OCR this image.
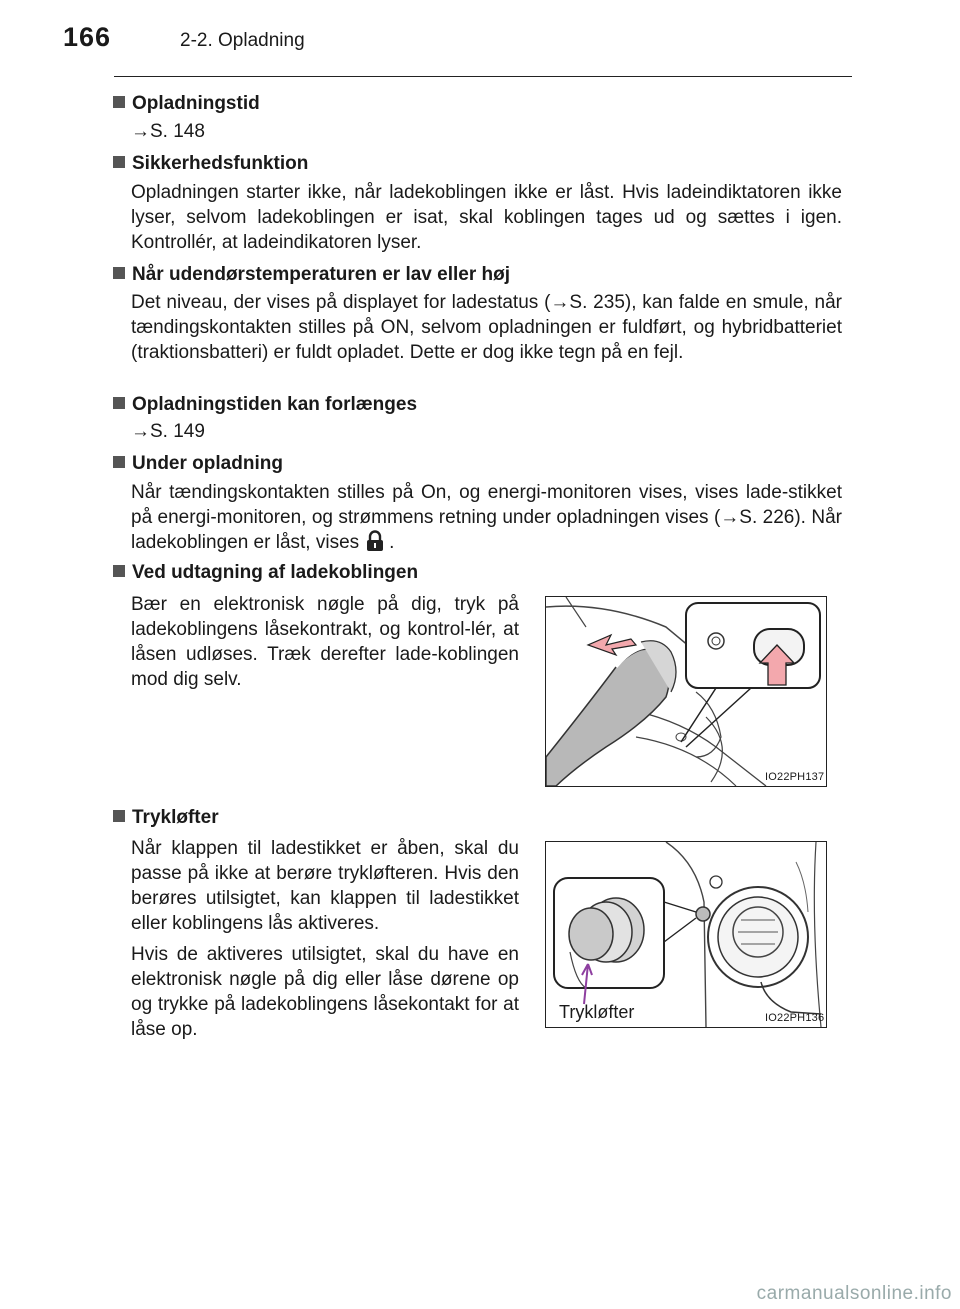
166	2-2. Opladning
Opladningstid
→S. 148
Sikkerhedsfunktion
Opladningen starter ikke, når ladekoblingen ikke er låst. Hvis ladeindiktatoren ikke lyser, selvom ladekoblingen er isat, skal koblingen tages ud og sættes i igen. Kontrollér, at ladeindikatoren lyser.
Når udendørstemperaturen er lav eller høj
Det niveau, der vises på displayet for ladestatus (→S. 235), kan falde en smule, når tændingskontakten stilles på ON, selvom opladningen er fuldført, og hybridbatteriet (traktionsbatteri) er fuldt opladet. Dette er dog ikke tegn på en fejl.
Opladningstiden kan forlænges
→S. 149
Under opladning
Når tændingskontakten stilles på On, og energi-monitoren vises, vises lade-stikket på energi-monitoren, og strømmens retning under opladningen vises (→S. 226). Når ladekoblingen er låst, vises .
Ved udtagning af ladekoblingen
Bær en elektronisk nøgle på dig, tryk på ladekoblingens låsekontrakt, og kontrol-lér, at låsen udløses. Træk derefter lade-koblingen mod dig selv.
IO22PH137
Trykløfter
Når klappen til ladestikket er åben, skal du passe på ikke at berøre trykløfteren. Hvis den berøres utilsigtet, kan klappen til ladestikket eller koblingens lås aktiveres.
Hvis de aktiveres utilsigtet, skal du have en elektronisk nøgle på dig eller låse dørene op og trykke på ladekoblingens låsekontakt for at låse op.
Trykløfter	IO22PH136
carmanualsonline.info
